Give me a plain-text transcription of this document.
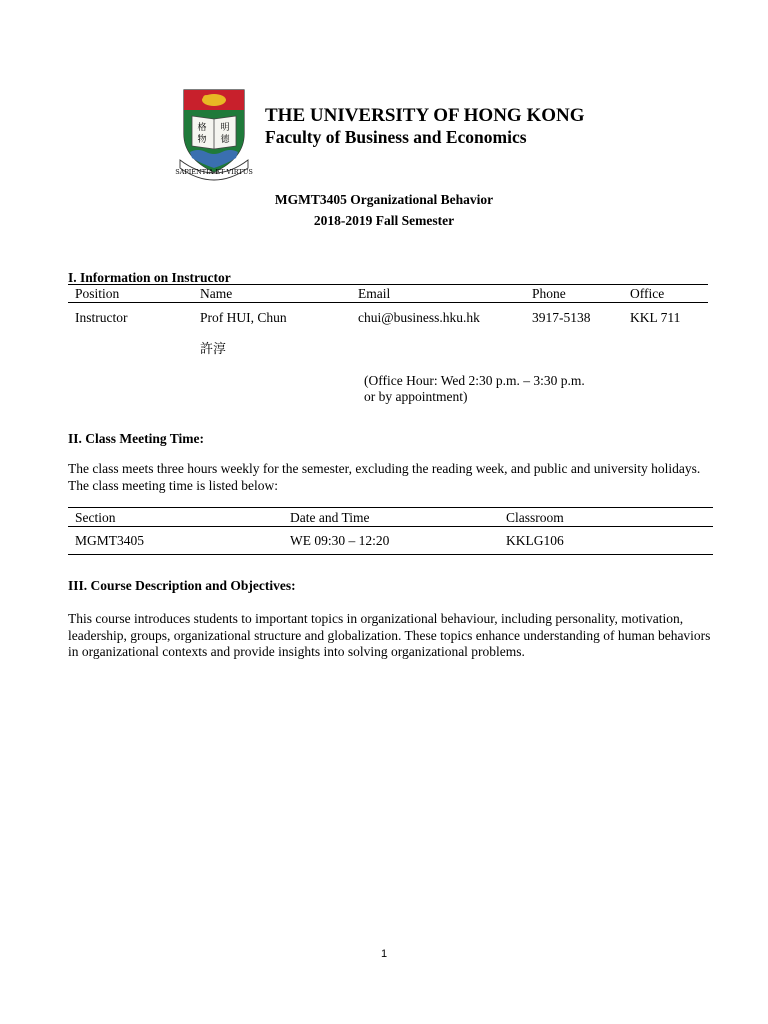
SAPIENTIA ET VIRTUS
格 明
物 德
THE UNIVERSITY OF HONG KONG
Faculty of Business and Economics
MGMT3405 Organizational Behavior
2018-2019 Fall Semester
I. Information on Instructor
Position	Name	Email	Phone	Office
Instructor	Prof HUI, Chun	chui@business.hku.hk	3917-5138	KKL 711
許淳
(Office Hour: Wed 2:30 p.m. – 3:30 p.m.
or by appointment)
II. Class Meeting Time:
The class meets three hours weekly for the semester, excluding the reading week, and public and university holidays. The class meeting time is listed below:
Section	Date and Time	Classroom
MGMT3405	WE 09:30 – 12:20	KKLG106
III. Course Description and Objectives:
This course introduces students to important topics in organizational behaviour, including personality, motivation, leadership, groups, organizational structure and globalization. These topics enhance understanding of human behaviors in organizational contexts and provide insights into solving organizational problems.
1
